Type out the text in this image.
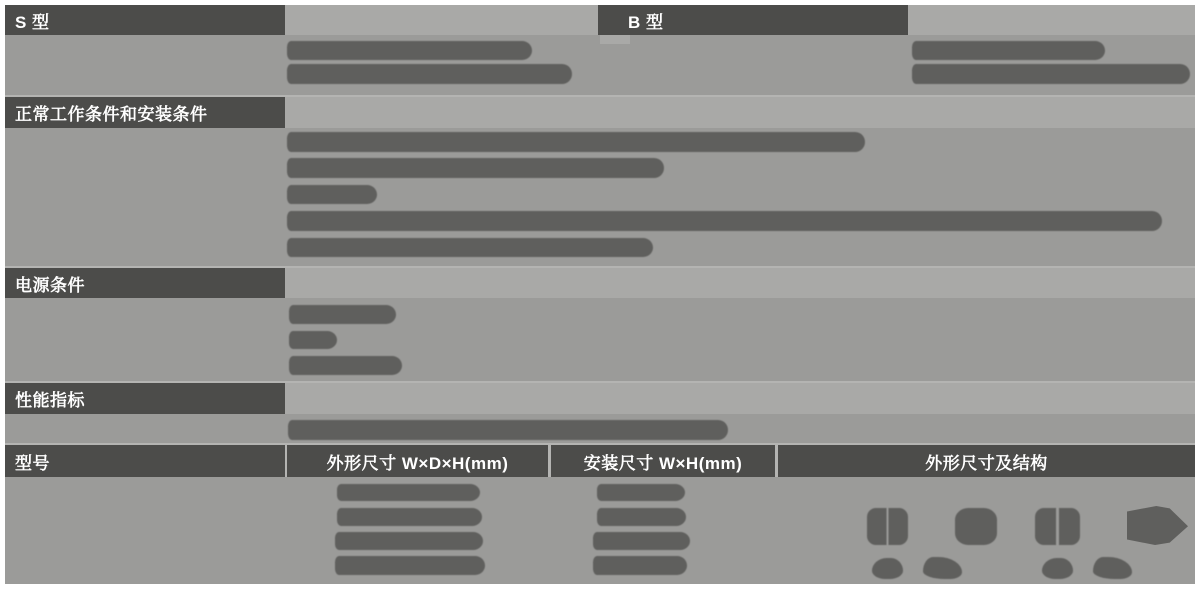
S 型	B 型
正常工作条件和安装条件
电源条件
性能指标
型号	外形尺寸 W×D×H(mm)	安装尺寸 W×H(mm)	外形尺寸及结构
